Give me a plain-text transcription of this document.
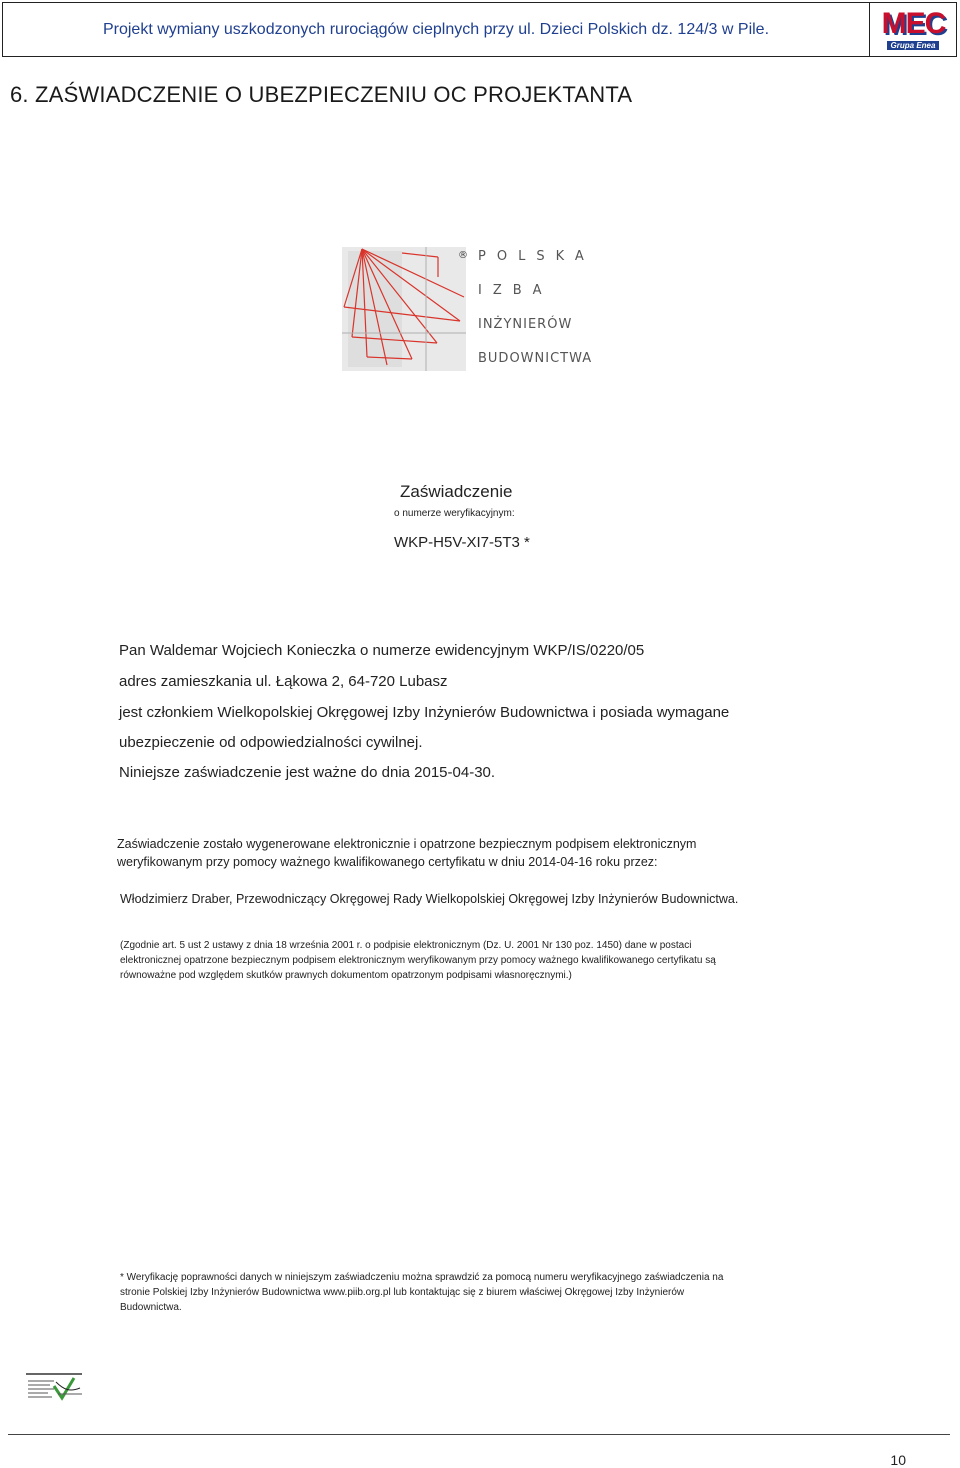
Projekt wymiany uszkodzonych rurociągów cieplnych przy ul. Dzieci Polskich dz. 124/3 w Pile.	M E C
Grupa Enea
6. ZAŚWIADCZENIE O UBEZPIECZENIU OC PROJEKTANTA
® POLSKA
IZBA
INŻYNIERÓW
BUDOWNICTWA
Zaświadczenie
o numerze weryfikacyjnym:
WKP-H5V-XI7-5T3 *
Pan Waldemar Wojciech Konieczka o numerze ewidencyjnym WKP/IS/0220/05
adres zamieszkania ul. Łąkowa 2, 64-720 Lubasz
jest członkiem Wielkopolskiej Okręgowej Izby Inżynierów Budownictwa i posiada wymagane
ubezpieczenie od odpowiedzialności cywilnej.
Niniejsze zaświadczenie jest ważne do dnia 2015-04-30.
Zaświadczenie zostało wygenerowane elektronicznie i opatrzone bezpiecznym podpisem elektronicznym
weryfikowanym przy pomocy ważnego kwalifikowanego certyfikatu w dniu 2014-04-16 roku przez:
Włodzimierz Draber, Przewodniczący Okręgowej Rady Wielkopolskiej Okręgowej Izby Inżynierów Budownictwa.
(Zgodnie art. 5 ust 2 ustawy z dnia 18 września 2001 r. o podpisie elektronicznym (Dz. U. 2001 Nr 130 poz. 1450) dane w postaci
elektronicznej opatrzone bezpiecznym podpisem elektronicznym weryfikowanym przy pomocy ważnego kwalifikowanego certyfikatu są
równoważne pod względem skutków prawnych dokumentom opatrzonym podpisami własnoręcznymi.)
* Weryfikację poprawności danych w niniejszym zaświadczeniu można sprawdzić za pomocą numeru weryfikacyjnego zaświadczenia na
stronie Polskiej Izby Inżynierów Budownictwa www.piib.org.pl lub kontaktując się z biurem właściwej Okręgowej Izby Inżynierów
Budownictwa.
10
